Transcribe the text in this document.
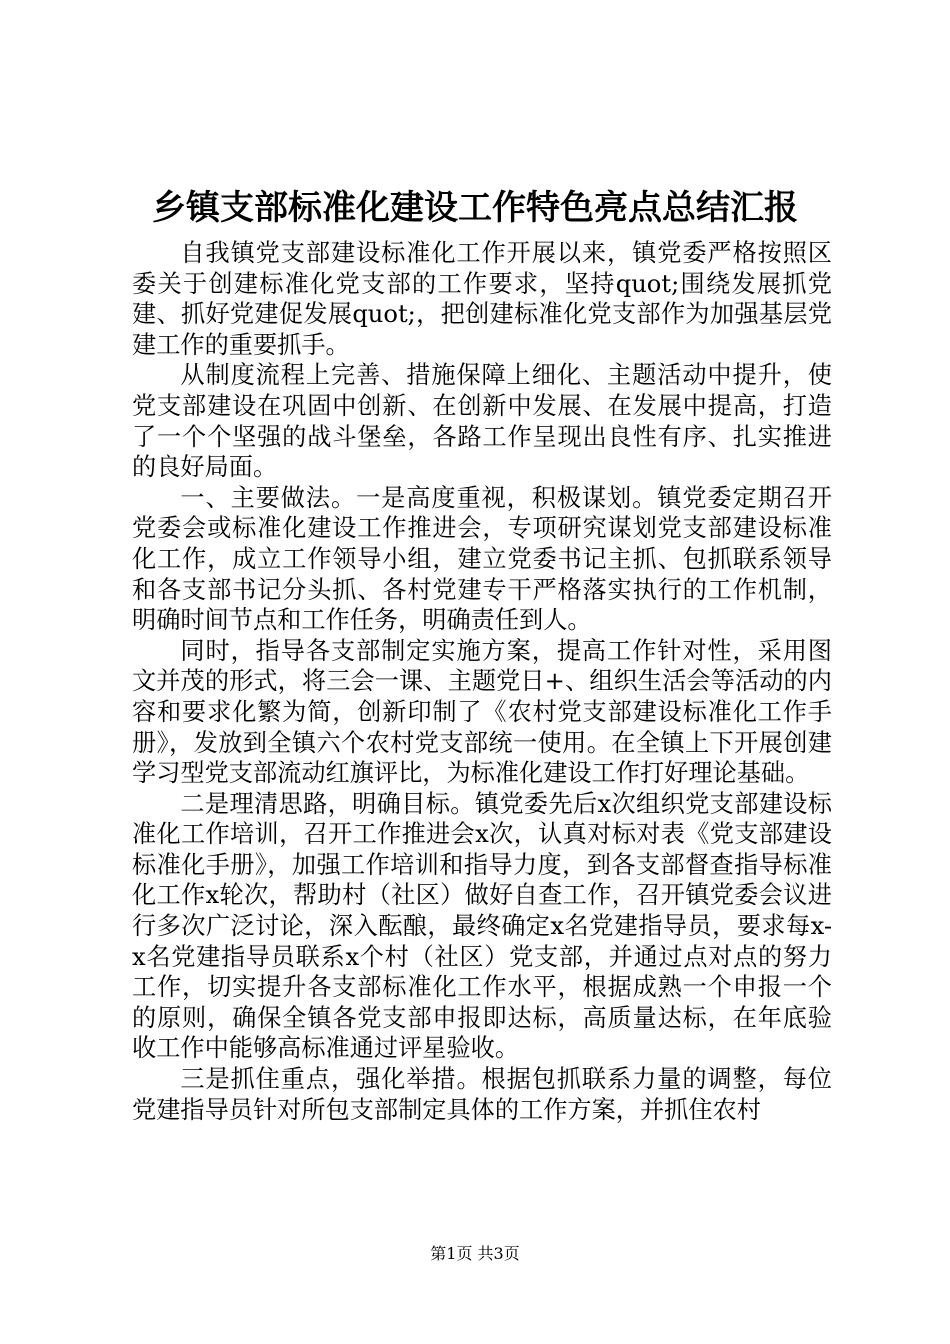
乡镇支部标准化建设工作特色亮点总结汇报

自我镇党支部建设标准化工作开展以来，镇党委严格按照区委关于创建标准化党支部的工作要求，坚持quot;围绕发展抓党建、抓好党建促发展quot;，把创建标准化党支部作为加强基层党建工作的重要抓手。

从制度流程上完善、措施保障上细化、主题活动中提升，使党支部建设在巩固中创新、在创新中发展、在发展中提高，打造了一个个坚强的战斗堡垒，各路工作呈现出良性有序、扎实推进的良好局面。

一、主要做法。一是高度重视，积极谋划。镇党委定期召开党委会或标准化建设工作推进会，专项研究谋划党支部建设标准化工作，成立工作领导小组，建立党委书记主抓、包抓联系领导和各支部书记分头抓、各村党建专干严格落实执行的工作机制，明确时间节点和工作任务，明确责任到人。

同时，指导各支部制定实施方案，提高工作针对性，采用图文并茂的形式，将三会一课、主题党日+、组织生活会等活动的内容和要求化繁为简，创新印制了《农村党支部建设标准化工作手册》，发放到全镇六个农村党支部统一使用。在全镇上下开展创建学习型党支部流动红旗评比，为标准化建设工作打好理论基础。

二是理清思路，明确目标。镇党委先后x次组织党支部建设标准化工作培训，召开工作推进会x次，认真对标对表《党支部建设标准化手册》，加强工作培训和指导力度，到各支部督查指导标准化工作x轮次，帮助村（社区）做好自查工作，召开镇党委会议进行多次广泛讨论，深入酝酿，最终确定x名党建指导员，要求每x-x名党建指导员联系x个村（社区）党支部，并通过点对点的努力工作，切实提升各支部标准化工作水平，根据成熟一个申报一个的原则，确保全镇各党支部申报即达标，高质量达标，在年底验收工作中能够高标准通过评星验收。

三是抓住重点，强化举措。根据包抓联系力量的调整，每位党建指导员针对所包支部制定具体的工作方案，并抓住农村

第1页 共3页
